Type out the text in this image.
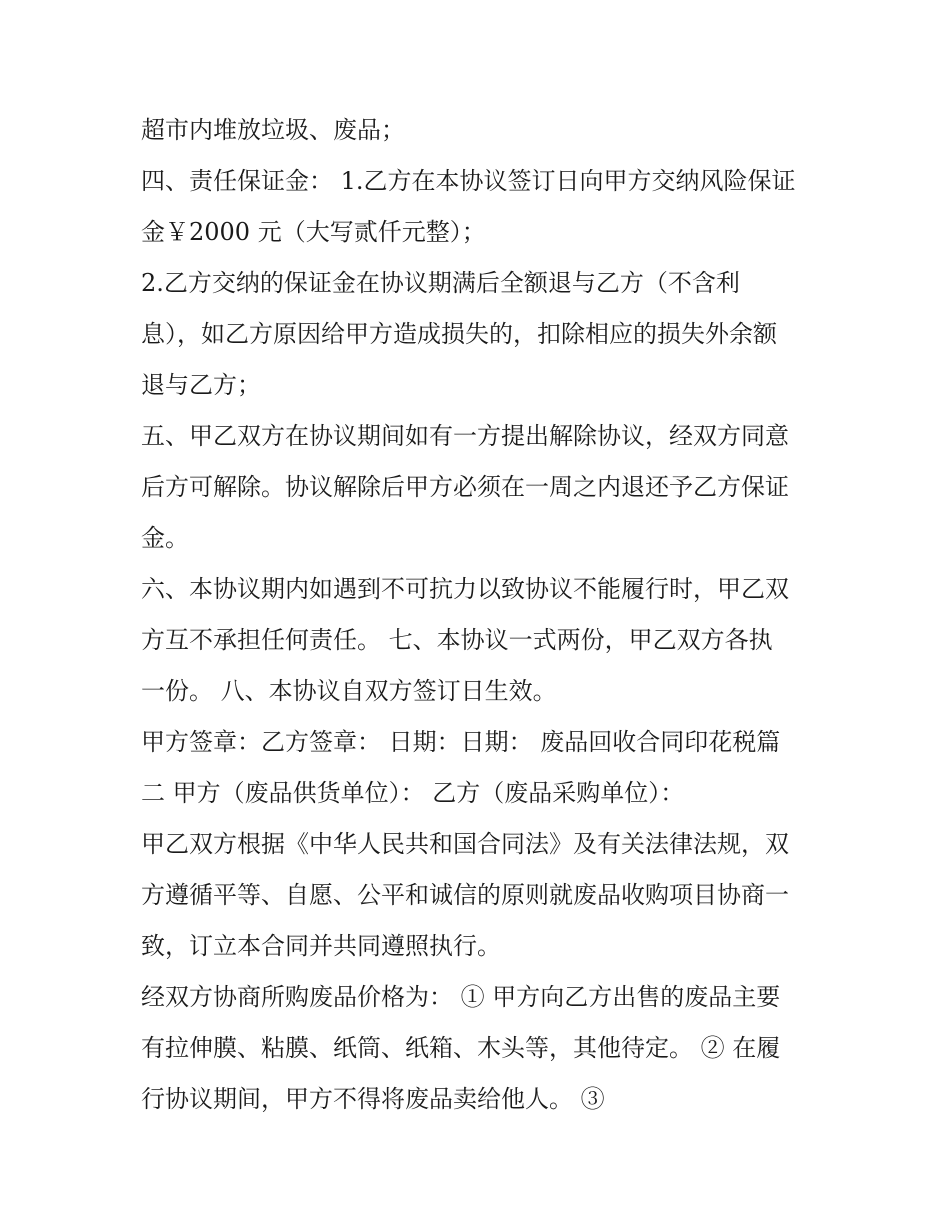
超市内堆放垃圾、废品；
四、责任保证金： 1.乙方在本协议签订日向甲方交纳风险保证
金￥2000 元（大写贰仟元整）；
2.乙方交纳的保证金在协议期满后全额退与乙方（不含利
息），如乙方原因给甲方造成损失的，扣除相应的损失外余额
退与乙方；
五、甲乙双方在协议期间如有一方提出解除协议，经双方同意
后方可解除。协议解除后甲方必须在一周之内退还予乙方保证
金。
六、本协议期内如遇到不可抗力以致协议不能履行时，甲乙双
方互不承担任何责任。 七、本协议一式两份，甲乙双方各执
一份。 八、本协议自双方签订日生效。
甲方签章：乙方签章： 日期：日期： 废品回收合同印花税篇
二 甲方（废品供货单位）： 乙方（废品采购单位）：
甲乙双方根据《中华人民共和国合同法》及有关法律法规，双
方遵循平等、自愿、公平和诚信的原则就废品收购项目协商一
致，订立本合同并共同遵照执行。
经双方协商所购废品价格为： ① 甲方向乙方出售的废品主要
有拉伸膜、粘膜、纸筒、纸箱、木头等，其他待定。 ② 在履
行协议期间，甲方不得将废品卖给他人。 ③
